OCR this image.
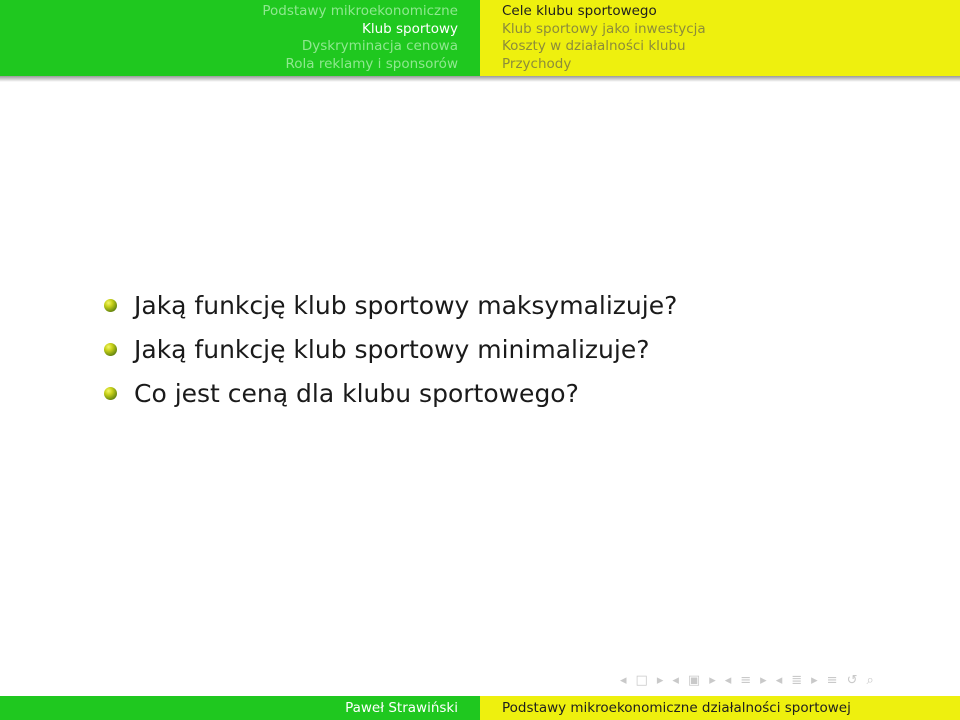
Podstawy mikroekonomiczne
Klub sportowy
Dyskryminacja cenowa
Rola reklamy i sponsorów
Cele klubu sportowego
Klub sportowy jako inwestycja
Koszty w działalności klubu
Przychody
Jaką funkcję klub sportowy maksymalizuje?
Jaką funkcję klub sportowy minimalizuje?
Co jest ceną dla klubu sportowego?
◂ □ ▸ ◂ ▣ ▸ ◂ ≡ ▸ ◂ ≣ ▸ ≡ ↺ ⌕
Paweł Strawiński	Podstawy mikroekonomiczne działalności sportowej
